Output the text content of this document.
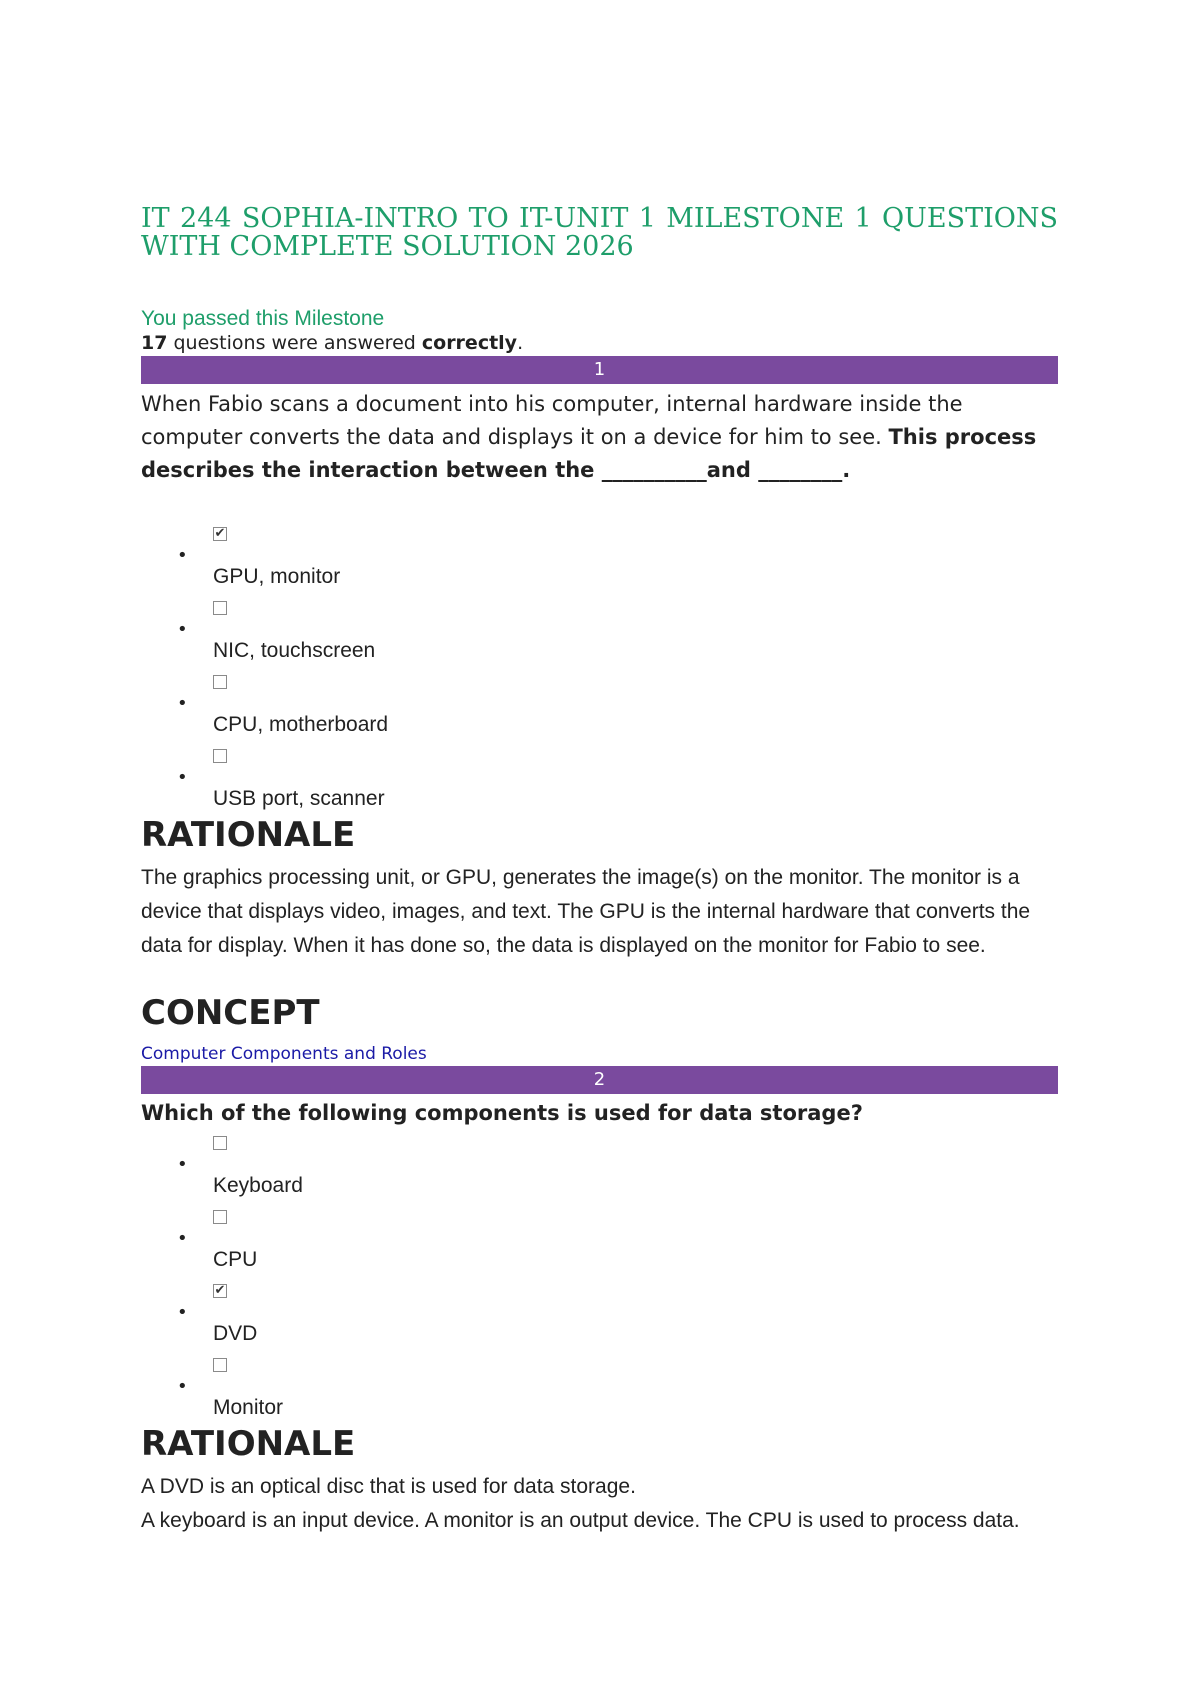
IT 244 SOPHIA-INTRO TO IT-UNIT 1 MILESTONE 1 QUESTIONS
WITH COMPLETE SOLUTION 2026
You passed this Milestone
17 questions were answered correctly.
1
When Fabio scans a document into his computer, internal hardware inside the computer converts the data and displays it on a device for him to see. This process describes the interaction between the __________and ________.
•
✔
GPU, monitor
•
NIC, touchscreen
•
CPU, motherboard
•
USB port, scanner
RATIONALE
The graphics processing unit, or GPU, generates the image(s) on the monitor. The monitor is a device that displays video, images, and text. The GPU is the internal hardware that converts the data for display. When it has done so, the data is displayed on the monitor for Fabio to see.
CONCEPT
Computer Components and Roles
2
Which of the following components is used for data storage?
•
Keyboard
•
CPU
•
✔
DVD
•
Monitor
RATIONALE
A DVD is an optical disc that is used for data storage.
A keyboard is an input device. A monitor is an output device. The CPU is used to process data.
